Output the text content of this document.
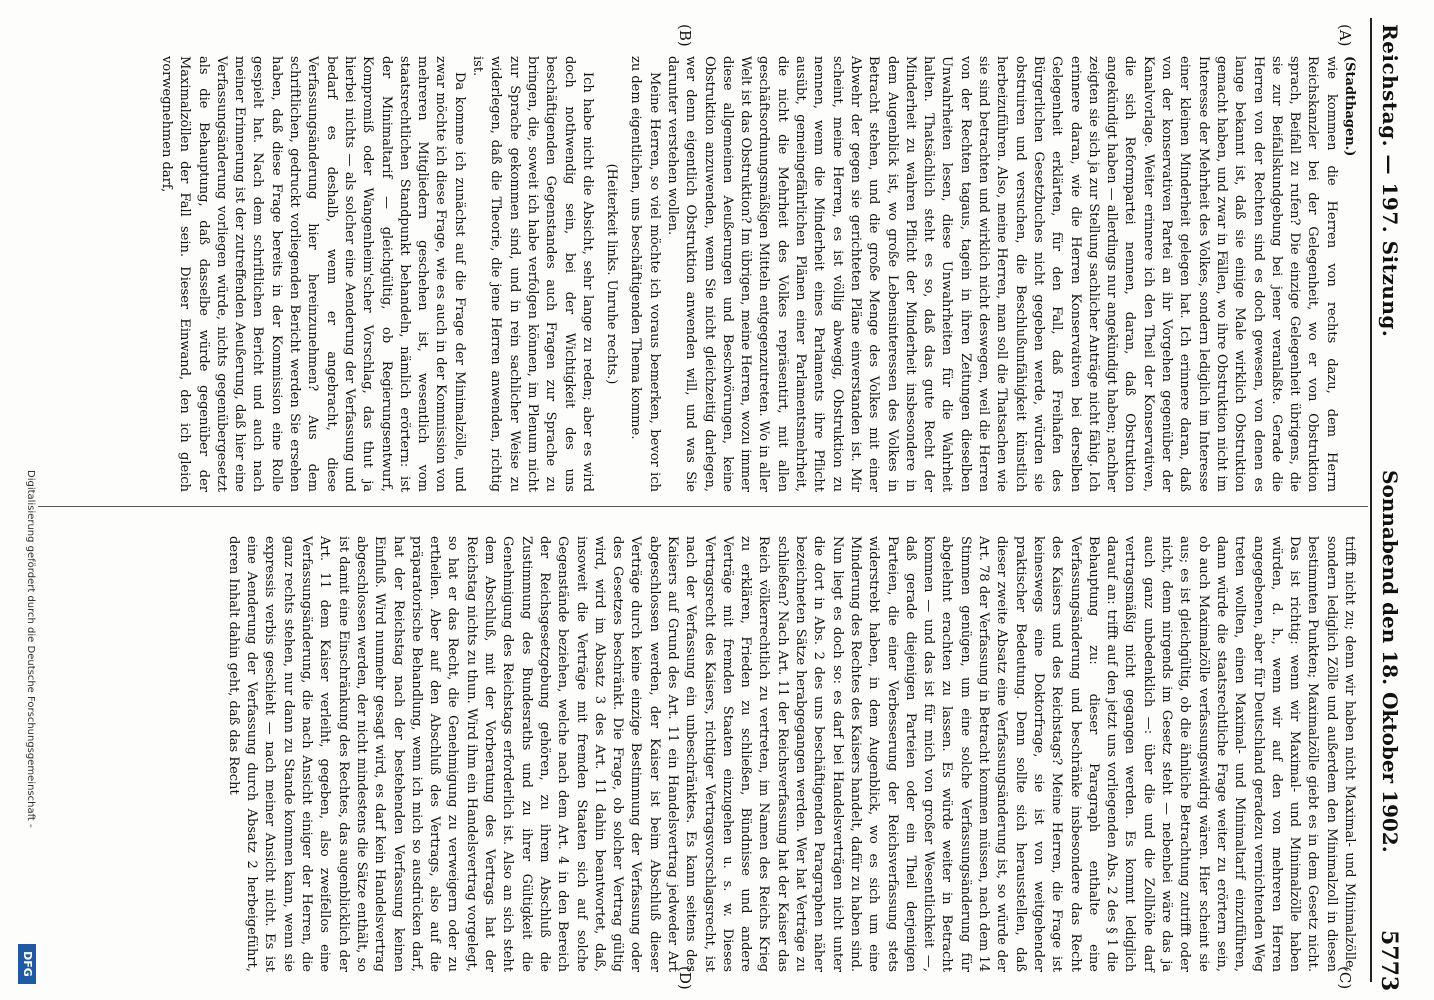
Reichstag. — 197. Sitzung.
Sonnabend den 18. Oktober 1902.
5773
(A)
(B)
(C)
(D)

(Stadthagen.)

wie kommen die Herren von rechts dazu, dem Herrn Reichskanzler bei der Gelegenheit, wo er von Obstruktion sprach, Beifall zu rufen? Die einzige Gelegenheit übrigens, die sie zur Beifallskundgebung bei jener veranlaßte. Gerade die Herren von der Rechten sind es doch gewesen, von denen es lange bekannt ist, daß sie einige Male wirklich Obstruktion gemacht haben, und zwar in Fällen, wo ihre Obstruktion nicht im Interesse der Mehrheit des Volkes, sondern lediglich im Interesse einer kleinen Minderheit gelegen hat. Ich erinnere daran, daß von der konservativen Partei an ihr Vorgehen gegenüber der Kanalvorlage. Weiter erinnere ich den Theil der Konservativen, die sich Reformpartei nennen, daran, daß Obstruktion angekündigt haben — allerdings nur angekündigt haben; nachher zeigten sie sich ja zur Stellung sachlicher Anträge nicht fähig. Ich erinnere daran, wie die Herren Konservativen bei derselben Gelegenheit erklärten, für den Fall, daß Freihafen des Bürgerlichen Gesetzbuches nicht gegeben werde, würden sie obstruiren und versuchen, die Beschlußunfähigkeit künstlich herbeizuführen. Also, meine Herren, man soll die Thatsachen wie sie sind betrachten und wirklich nicht deswegen, weil die Herren von der Rechten tagaus, tagein in ihren Zeitungen dieselben Unwahrheiten lesen, diese Unwahrheiten für die Wahrheit halten. Thatsächlich steht es so, daß das gute Recht der Minderheit zu wahren Pflicht der Minderheit insbesondere in dem Augenblick ist, wo große Lebensinteressen des Volkes in Betracht stehen, und die große Menge des Volkes mit einer Abwehr der gegen sie gerichteten Pläne einverstanden ist. Mir scheint, meine Herren, es ist völlig abwegig, Obstruktion zu nennen, wenn die Minderheit eines Parlaments ihre Pflicht ausübt, gemeingefährlichen Plänen einer Parlamentsmehrheit, die nicht die Mehrheit des Volkes repräsentirt, mit allen geschäftsordnungsmäßigen Mitteln entgegenzutreten. Wo in aller Welt ist das Obstruktion? Im übrigen, meine Herren, wozu immer diese allgemeinen Aeußerungen und Beschwörungen, keine Obstruktion anzuwenden, wenn Sie nicht gleichzeitig darlegen, wer denn eigentlich Obstruktion anwenden will, und was Sie darunter verstehen wollen.

Meine Herren, so viel möchte ich voraus bemerken, bevor ich zu dem eigentlichen, uns beschäftigenden Thema komme.

(Heiterkeit links. Unruhe rechts.)

Ich habe nicht die Absicht, sehr lange zu reden; aber es wird doch nothwendig sein, bei der Wichtigkeit des uns beschäftigenden Gegenstandes auch Fragen zur Sprache zu bringen, die, soweit ich habe verfolgen können, im Plenum nicht zur Sprache gekommen sind, und in rein sachlicher Weise zu widerlegen, daß die Theorie, die jene Herren anwenden, richtig ist.

Da komme ich zunächst auf die Frage der Minimalzölle, und zwar möchte ich diese Frage, wie es auch in der Kommission von mehreren Mitgliedern geschehen ist, wesentlich vom staatsrechtlichen Standpunkt behandeln, nämlich erörtern: ist der Minimaltarif — gleichgültig, ob Regierungsentwurf, Kompromiß oder Wangenheim'scher Vorschlag, das thut ja hierbei nichts — als solcher eine Aenderung der Verfassung und bedarf es deshalb, wenn er angebracht, diese Verfassungsänderung hier hereinzunehmen? Aus dem schriftlichen, gedruckt vorliegenden Bericht werden Sie ersehen haben, daß diese Frage bereits in der Kommission eine Rolle gespielt hat. Nach dem schriftlichen Bericht und auch nach meiner Erinnerung ist der zutreffenden Aeußerung, daß hier eine Verfassungsänderung vorliegen würde, nichts gegenübergesetzt als die Behauptung, daß dasselbe würde gegenüber der Maximalzöllen der Fall sein. Dieser Einwand, den ich gleich vorwegnehmen darf,

trifft nicht zu; denn wir haben nicht Maximal- und Minimalzölle, sondern lediglich Zölle und außerdem den Minimalzoll in diesen bestimmten Punkten; Maximalzölle giebt es in dem Gesetz nicht. Das ist richtig: wenn wir Maximal- und Minimalzölle haben würden, d. h., wenn wir auf den von mehreren Herren angegebenen, aber für Deutschland geradezu vernichtenden Weg treten wollten, einen Maximal- und Minimaltarif einzuführen, dann würde die staatsrechtliche Frage weiter zu erörtern sein, ob auch Maximalzölle verfassungswidrig wären. Hier scheint sie aus; es ist gleichgültig, ob die ähnliche Betrachtung zutrifft oder nicht, denn nirgends im Gesetz steht — nebenbei wäre das ja auch ganz unbedenklich —: über die und die Zollhöhe darf vertragsmäßig nicht gegangen werden. Es kommt lediglich darauf an: trifft auf den jetzt uns vorliegenden Abs. 2 des § 1 die Behauptung zu: dieser Paragraph enthalte eine Verfassungsänderung und beschränke insbesondere das Recht des Kaisers und des Reichstags? Meine Herren, die Frage ist keineswegs eine Doktorfrage, sie ist von weitgehender praktischer Bedeutung. Denn sollte sich herausstellen, daß dieser zweite Absatz eine Verfassungsänderung ist, so würde der Art. 78 der Verfassung in Betracht kommen müssen, nach dem 14 Stimmen genügen, um eine solche Verfassungsänderung für abgelehnt erachten zu lassen. Es würde weiter in Betracht kommen — und das ist für mich von großer Wesentlichkeit —, daß gerade diejenigen Parteien oder ein Theil derjenigen Parteien, die einer Verbesserung der Reichsverfassung stets widerstrebt haben, in dem Augenblick, wo es sich um eine Minderung des Rechtes des Kaisers handelt, dafür zu haben sind. Nun liegt es doch so: es darf bei Handelsverträgen nicht unter die dort in Abs. 2 des uns beschäftigenden Paragraphen näher bezeichneten Sätze herabgegangen werden. Wer hat Verträge zu schließen? Nach Art. 11 der Reichsverfassung hat der Kaiser das Reich völkerrechtlich zu vertreten, im Namen des Reichs Krieg zu erklären, Frieden zu schließen, Bündnisse und andere Verträge mit fremden Staaten einzugehen u. s. w. Dieses Vertragsrecht des Kaisers, richtiger Vertragsvorschlagsrecht, ist nach der Verfassung ein unbeschränktes. Es kann seitens des Kaisers auf Grund des Art. 11 ein Handelsvertrag jedweder Art abgeschlossen werden, der Kaiser ist beim Abschluß dieser Verträge durch keine einzige Bestimmung der Verfassung oder des Gesetzes beschränkt. Die Frage, ob solcher Vertrag gültig wird, wird im Absatz 3 des Art. 11 dahin beantwortet, daß, insoweit die Verträge mit fremden Staaten sich auf solche Gegenstände beziehen, welche nach dem Art. 4 in den Bereich der Reichsgesetzgebung gehören, zu ihrem Abschluß die Zustimmung des Bundesraths und zu ihrer Gültigkeit die Genehmigung des Reichstags erforderlich ist. Also an sich steht dem Abschluß, mit der Vorberatung des Vertrags hat der Reichstag nichts zu thun. Wird ihm ein Handelsvertrag vorgelegt, so hat er das Recht, die Genehmigung zu verweigern oder zu ertheilen. Aber auf den Abschluß des Vertrags, also auf die präparatorische Behandlung, wenn ich mich so ausdrücken darf, hat der Reichstag nach der bestehenden Verfassung keinen Einfluß. Wird nunmehr gesagt wird, es darf kein Handelsvertrag abgeschlossen werden, der nicht mindestens die Sätze enthält, so ist damit eine Einschränkung des Rechtes, das augenblicklich der Art. 11 dem Kaiser verleiht, gegeben, also zweifellos eine Verfassungsänderung, die nach Ansicht einiger der Herren, die ganz rechts stehen, nur dann zu Stande kommen kann, wenn sie expressis verbis geschieht — nach meiner Ansicht nicht. Es ist eine Aenderung der Verfassung durch Absatz 2 herbeigeführt, deren Inhalt dahin geht, daß das Recht

Digitalisierung gefördert durch die Deutsche Forschungsgemeinschaft -
DFG
